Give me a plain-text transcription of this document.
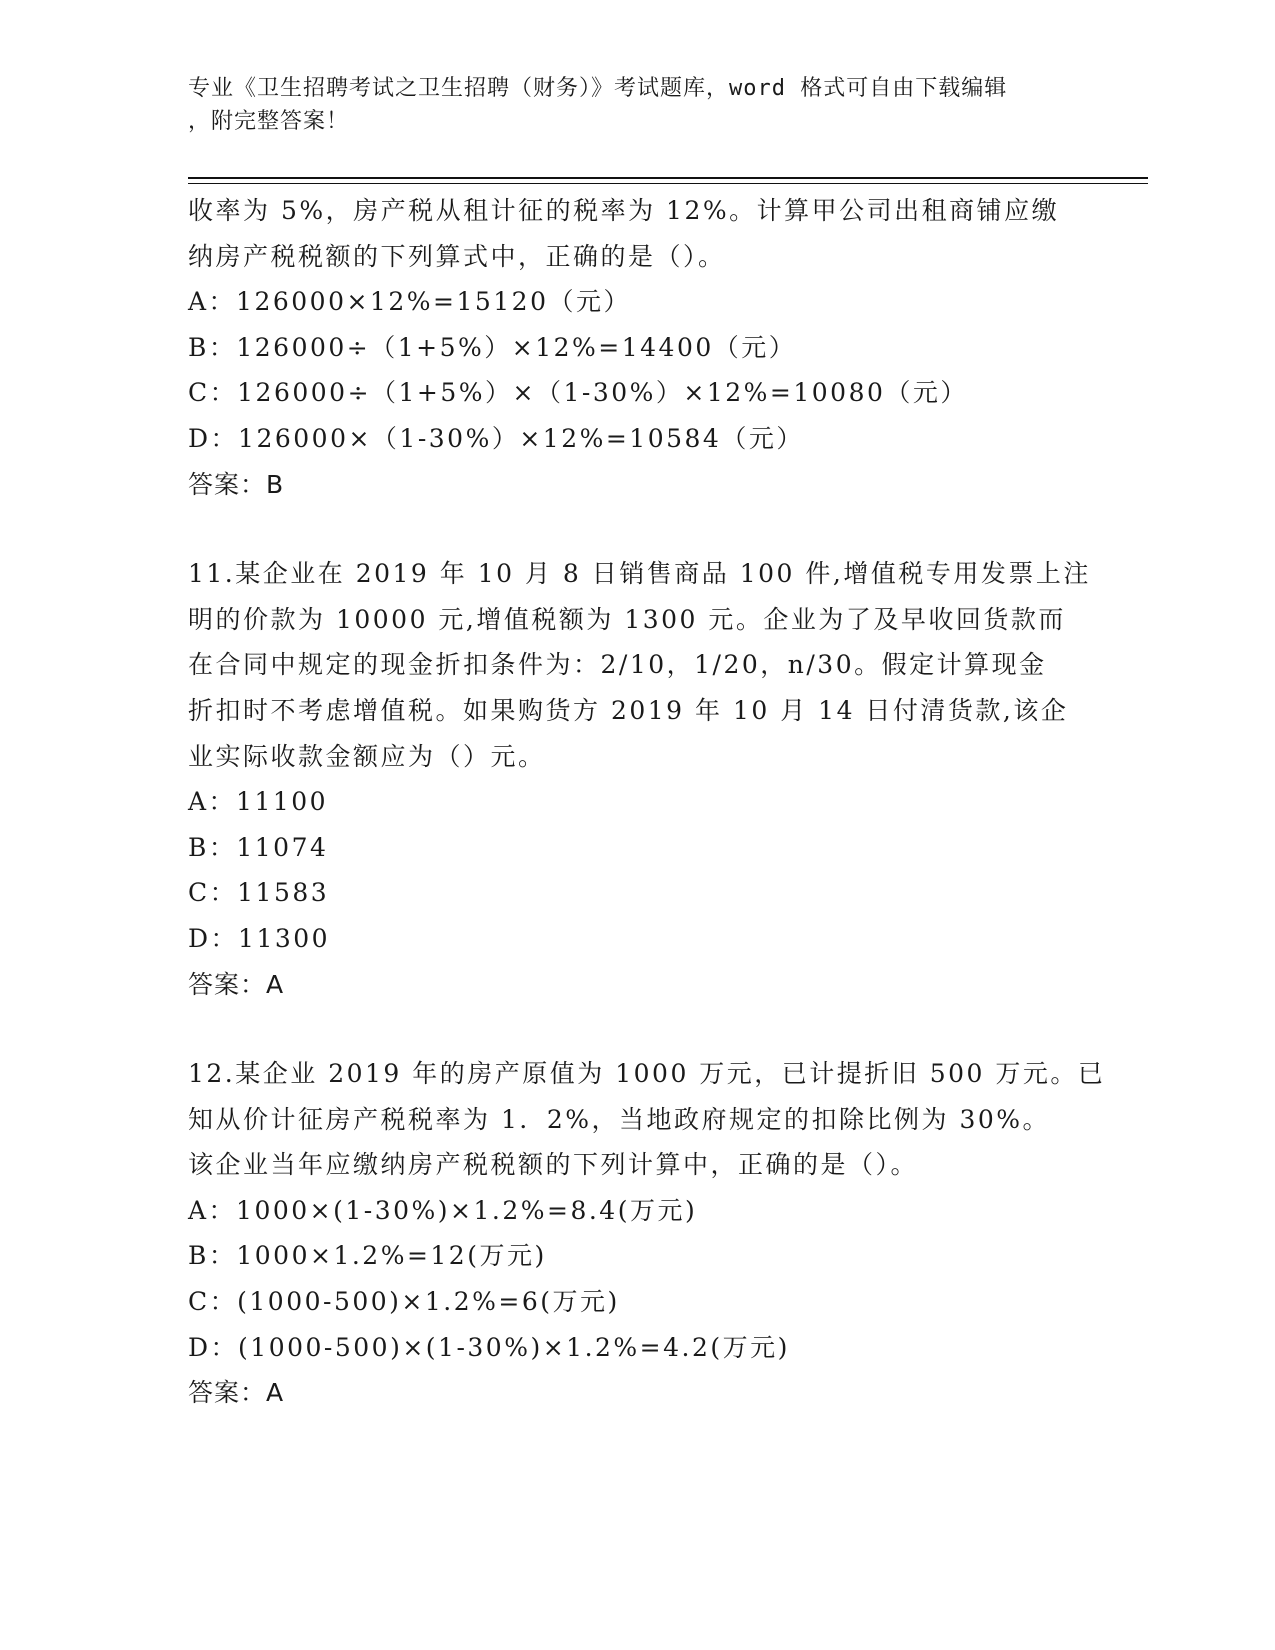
专业《卫生招聘考试之卫生招聘（财务）》考试题库，word 格式可自由下载编辑
，附完整答案！
收率为 5%，房产税从租计征的税率为 12%。计算甲公司出租商铺应缴
纳房产税税额的下列算式中，正确的是（）。
A：126000×12%=15120（元）
B：126000÷（1+5%）×12%=14400（元）
C：126000÷（1+5%）×（1-30%）×12%=10080（元）
D：126000×（1-30%）×12%=10584（元）
答案：B
11.某企业在 2019 年 10 月 8 日销售商品 100 件,增值税专用发票上注
明的价款为 10000 元,增值税额为 1300 元。企业为了及早收回货款而
在合同中规定的现金折扣条件为：2/10，1/20，n/30。假定计算现金
折扣时不考虑增值税。如果购货方 2019 年 10 月 14 日付清货款,该企
业实际收款金额应为（）元。
A：11100
B：11074
C：11583
D：11300
答案：A
12.某企业 2019 年的房产原值为 1000 万元，已计提折旧 500 万元。已
知从价计征房产税税率为 1．2%，当地政府规定的扣除比例为 30%。
该企业当年应缴纳房产税税额的下列计算中，正确的是（）。
A：1000×(1-30%)×1.2%=8.4(万元)
B：1000×1.2%=12(万元)
C：(1000-500)×1.2%=6(万元)
D：(1000-500)×(1-30%)×1.2%=4.2(万元)
答案：A
